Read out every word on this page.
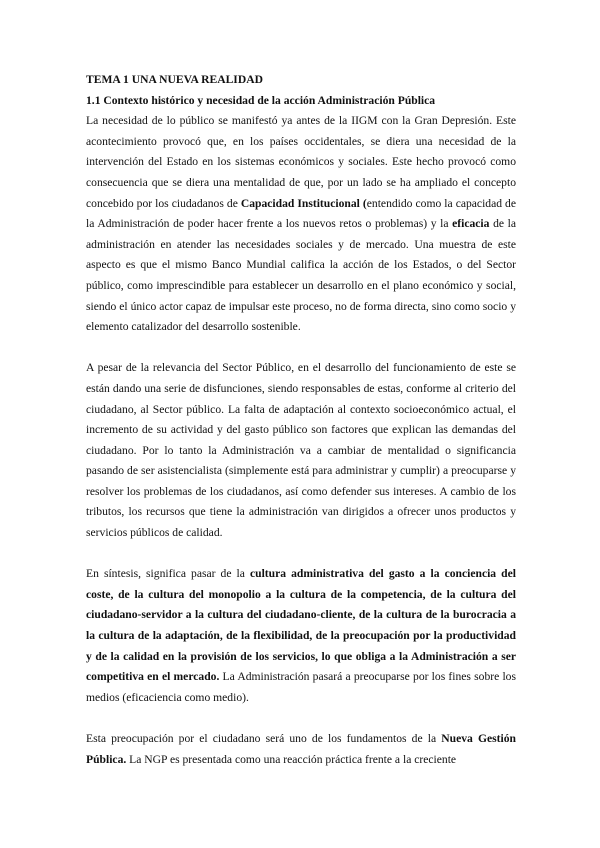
TEMA 1 UNA NUEVA REALIDAD

1.1 Contexto histórico y necesidad de la acción Administración Pública

La necesidad de lo público se manifestó ya antes de la IIGM con la Gran Depresión. Este acontecimiento provocó que, en los países occidentales, se diera una necesidad de la intervención del Estado en los sistemas económicos y sociales. Este hecho provocó como consecuencia que se diera una mentalidad de que, por un lado se ha ampliado el concepto concebido por los ciudadanos de Capacidad Institucional (entendido como la capacidad de la Administración de poder hacer frente a los nuevos retos o problemas) y la eficacia de la administración en atender las necesidades sociales y de mercado. Una muestra de este aspecto es que el mismo Banco Mundial califica la acción de los Estados, o del Sector público, como imprescindible para establecer un desarrollo en el plano económico y social, siendo el único actor capaz de impulsar este proceso, no de forma directa, sino como socio y elemento catalizador del desarrollo sostenible.

A pesar de la relevancia del Sector Público, en el desarrollo del funcionamiento de este se están dando una serie de disfunciones, siendo responsables de estas, conforme al criterio del ciudadano, al Sector público. La falta de adaptación al contexto socioeconómico actual, el incremento de su actividad y del gasto público son factores que explican las demandas del ciudadano. Por lo tanto la Administración va a cambiar de mentalidad o significancia pasando de ser asistencialista (simplemente está para administrar y cumplir) a preocuparse y resolver los problemas de los ciudadanos, así como defender sus intereses. A cambio de los tributos, los recursos que tiene la administración van dirigidos a ofrecer unos productos y servicios públicos de calidad.

En síntesis, significa pasar de la cultura administrativa del gasto a la conciencia del coste, de la cultura del monopolio a la cultura de la competencia, de la cultura del ciudadano-servidor a la cultura del ciudadano-cliente, de la cultura de la burocracia a la cultura de la adaptación, de la flexibilidad, de la preocupación por la productividad y de la calidad en la provisión de los servicios, lo que obliga a la Administración a ser competitiva en el mercado. La Administración pasará a preocuparse por los fines sobre los medios (eficaciencia como medio).

Esta preocupación por el ciudadano será uno de los fundamentos de la Nueva Gestión Pública. La NGP es presentada como una reacción práctica frente a la creciente
